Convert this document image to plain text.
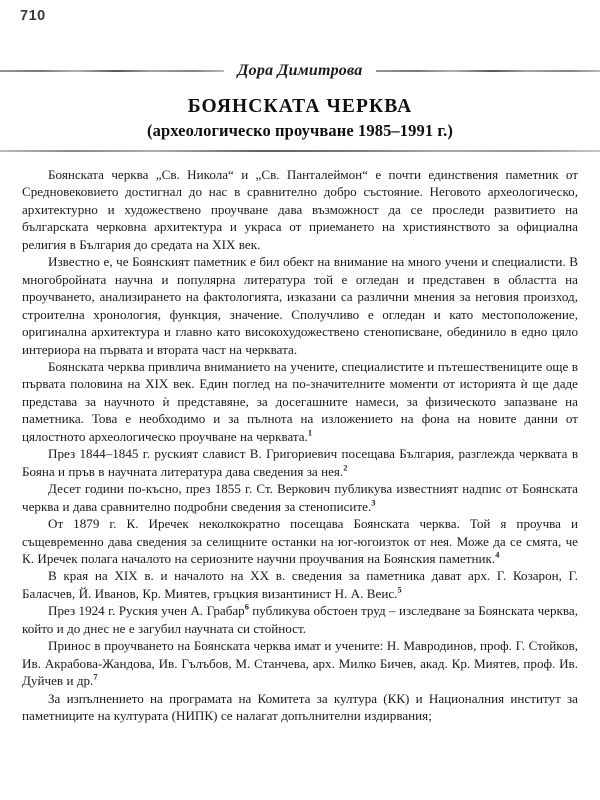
710
Дора Димитрова
БОЯНСКАТА ЧЕРКВА
(археологическо проучване 1985–1991 г.)

Боянската черква „Св. Никола“ и „Св. Панталеймон“ е почти единствения паметник от Средновековието достигнал до нас в сравнително добро състояние. Неговото археологическо, архитектурно и художествено проучване дава възможност да се проследи развитието на българската черковна архитектура и украса от приемането на християнството за официална религия в България до средата на XIX век.

Известно е, че Боянският паметник е бил обект на внимание на много учени и специалисти. В многобройната научна и популярна литература той е огледан и представен в областта на проучването, анализирането на фактологията, изказани са различни мнения за неговия произход, строителна хронология, функция, значение. Сполучливо е огледан и като местоположение, оригинална архитектура и главно като високохудожествено стенописване, обединило в едно цяло интериора на първата и втората част на черквата.

Боянската черква привлича вниманието на учените, специалистите и пътешествениците още в първата половина на XIX век. Един поглед на по-значителните моменти от историята ѝ ще даде представа за научното ѝ представяне, за досегашните намеси, за физическото запазване на паметника. Това е необходимо и за пълнота на изложението на фона на новите данни от цялостното археологическо проучване на черквата.$^1$

През 1844–1845 г. руският славист В. Григориевич посещава България, разглежда черквата в Бояна и пръв в научната литература дава сведения за нея.$^2$

Десет години по-късно, през 1855 г. Ст. Веркович публикува известният надпис от Боянската черква и дава сравнително подробни сведения за стенописите.$^3$

От 1879 г. К. Иречек неколкократно посещава Боянската черква. Той я проучва и същевременно дава сведения за селищните останки на юг-югоизток от нея. Може да се смята, че К. Иречек полага началото на сериозните научни проучвания на Боянския паметник.$^4$

В края на XIX в. и началото на XX в. сведения за паметника дават арх. Г. Козарон, Г. Баласчев, Й. Иванов, Кр. Миятев, гръцкия византинист Н. А. Веис.$^5$

През 1924 г. Руския учен А. Грабар$^6$ публикува обстоен труд – изследване за Боянската черква, който и до днес не е загубил научната си стойност.

Принос в проучването на Боянската черква имат и учените: Н. Мавродинов, проф. Г. Стойков, Ив. Акрабова-Жандова, Ив. Гълъбов, М. Станчева, арх. Милко Бичев, акад. Кр. Миятев, проф. Ив. Дуйчев и др.$^7$

За изпълнението на програмата на Комитета за култура (КК) и Националния институт за паметниците на културата (НИПК) се налагат допълнителни издирвания;
